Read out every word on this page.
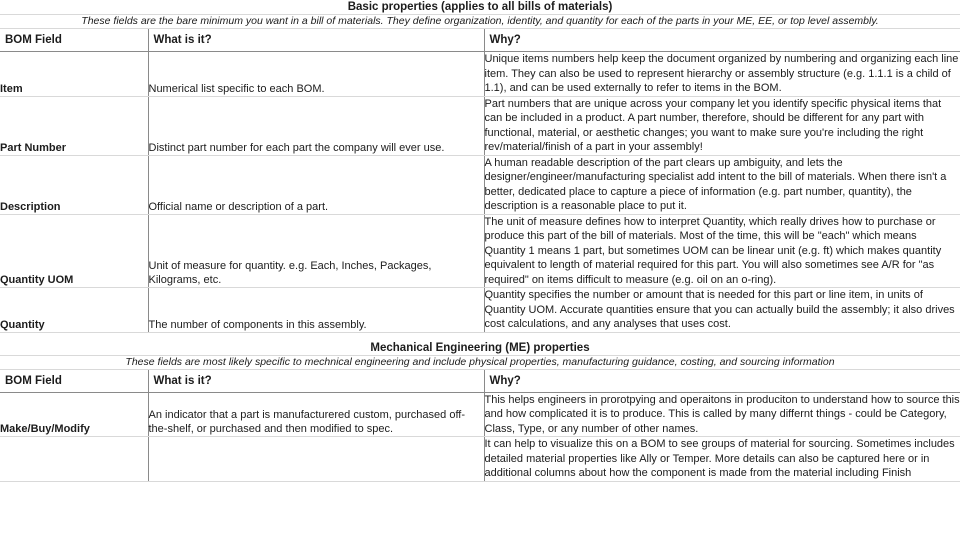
Basic properties (applies to all bills of materials)		
These fields are the bare minimum you want in a bill of materials. They define organization, identity, and quantity for each of the parts in your ME, EE, or top level assembly.		
BOM Field	What is it?	Why?
Item	Numerical list specific to each BOM.	Unique items numbers help keep the document organized by numbering and organizing each line item. They can also be used to represent hierarchy or assembly structure (e.g. 1.1.1 is a child of 1.1), and can be used externally to refer to items in the BOM.
Part Number	Distinct part number for each part the company will ever use.	Part numbers that are unique across your company let you identify specific physical items that can be included in a product. A part number, therefore, should be different for any part with functional, material, or aesthetic changes; you want to make sure you're including the right rev/material/finish of a part in your assembly!
Description	Official name or description of a part.	A human readable description of the part clears up ambiguity, and lets the designer/engineer/manufacturing specialist add intent to the bill of materials. When there isn't a better, dedicated place to capture a piece of information (e.g. part number, quantity), the description is a reasonable place to put it.
Quantity UOM	Unit of measure for quantity. e.g. Each, Inches, Packages, Kilograms, etc.	The unit of measure defines how to interpret Quantity, which really drives how to purchase or produce this part of the bill of materials. Most of the time, this will be "each" which means Quantity 1 means 1 part, but sometimes UOM can be linear unit (e.g. ft) which makes quantity equivalent to length of material required for this part. You will also sometimes see A/R for "as required" on items difficult to measure (e.g. oil on an o-ring).
Quantity	The number of components in this assembly.	Quantity specifies the number or amount that is needed for this part or line item, in units of Quantity UOM. Accurate quantities ensure that you can actually build the assembly; it also drives cost calculations, and any analyses that uses cost.
Mechanical Engineering (ME) properties		
These fields are most likely specific to mechnical engineering and include physical properties, manufacturing guidance, costing, and sourcing information		
BOM Field	What is it?	Why?
Make/Buy/Modify	An indicator that a part is manufacturered custom, purchased off-the-shelf, or purchased and then modified to spec.	This helps engineers in prorotpying and operaitons in produciton to understand how to source this and how complicated it is to produce. This is called by many differnt things - could be Category, Class, Type, or any number of other names.
		It can help to visualize this on a BOM to see groups of material for sourcing. Sometimes includes detailed material properties like Ally or Temper. More details can also be captured here or in additional columns about how the component is made from the material including Finish
